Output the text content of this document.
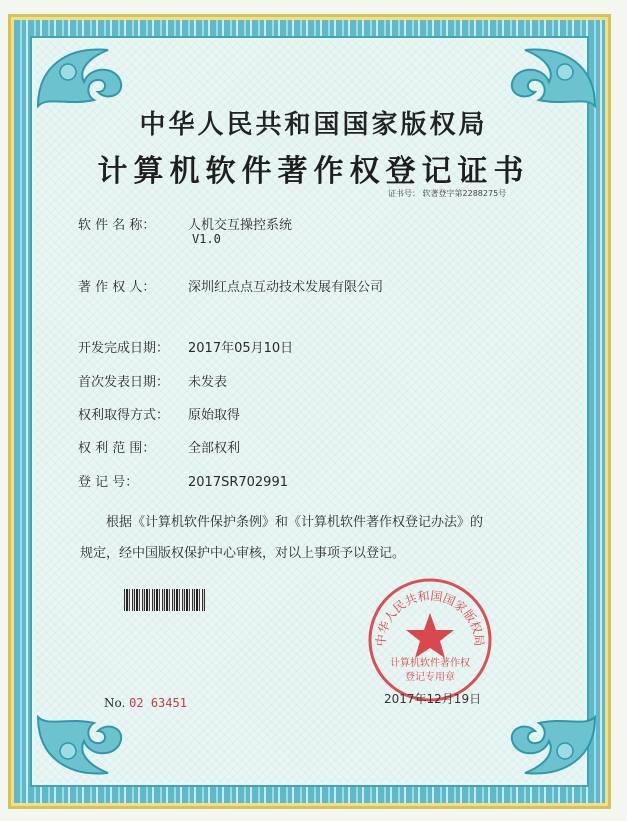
中华人民共和国国家版权局
计算机软件著作权登记证书
证书号： 软著登字第2288275号
软 件 名 称：	人机交互操控系统
V1.0
著 作 权 人：	深圳红点点互动技术发展有限公司
开发完成日期： 2017年05月10日
首次发表日期： 未发表
权利取得方式： 原始取得
权 利 范 围：	全部权利
登 记 号：	2017SR702991
根据《计算机软件保护条例》和《计算机软件著作权登记办法》的
规定，经中国版权保护中心审核，对以上事项予以登记。
中华人民共和国国家版权局
计算机软件著作权
登记专用章
No. 02 63451	2017年12月19日
